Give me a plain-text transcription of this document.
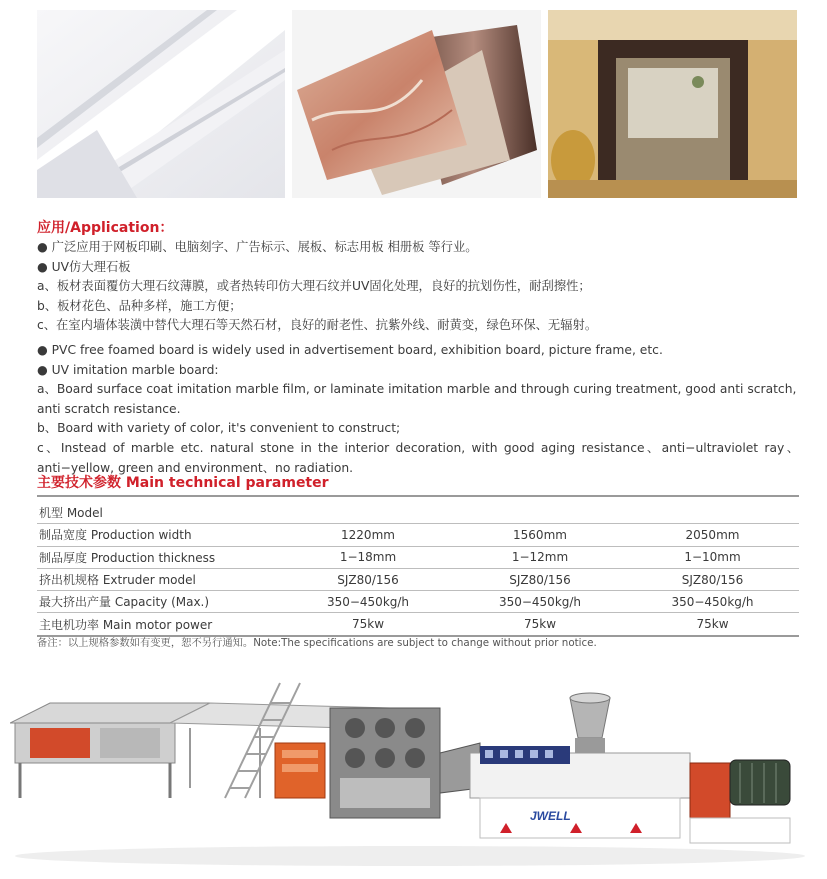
应用/Application：
● 广泛应用于网板印刷、电脑刻字、广告标示、展板、标志用板 相册板 等行业。
● UV仿大理石板
a、板材表面覆仿大理石纹薄膜，或者热转印仿大理石纹并UV固化处理，良好的抗划伤性，耐刮擦性；
b、板材花色、品种多样，施工方便；
c、在室内墙体装潢中替代大理石等天然石材，良好的耐老性、抗紫外线、耐黄变，绿色环保、无辐射。
● PVC free foamed board is widely used in advertisement board, exhibition board, picture frame, etc.
● UV imitation marble board:
a、Board surface coat imitation marble film, or laminate imitation marble and through curing treatment, good anti scratch, anti scratch resistance.
b、Board with variety of color, it's convenient to construct;
c、Instead of marble etc. natural stone in the interior decoration, with good aging resistance、anti−ultraviolet ray、anti−yellow, green and environment、no radiation.
主要技术参数 Main technical parameter
机型 Model			
制品宽度 Production width	1220mm	1560mm	2050mm
制品厚度 Production thickness	1−18mm	1−12mm	1−10mm
挤出机规格 Extruder model	SJZ80/156	SJZ80/156	SJZ80/156
最大挤出产量 Capacity (Max.)	350−450kg/h	350−450kg/h	350−450kg/h
主电机功率 Main motor power	75kw	75kw	75kw
备注：以上规格参数如有变更，恕不另行通知。Note:The specifications are subject to change without prior notice.
JWELL
